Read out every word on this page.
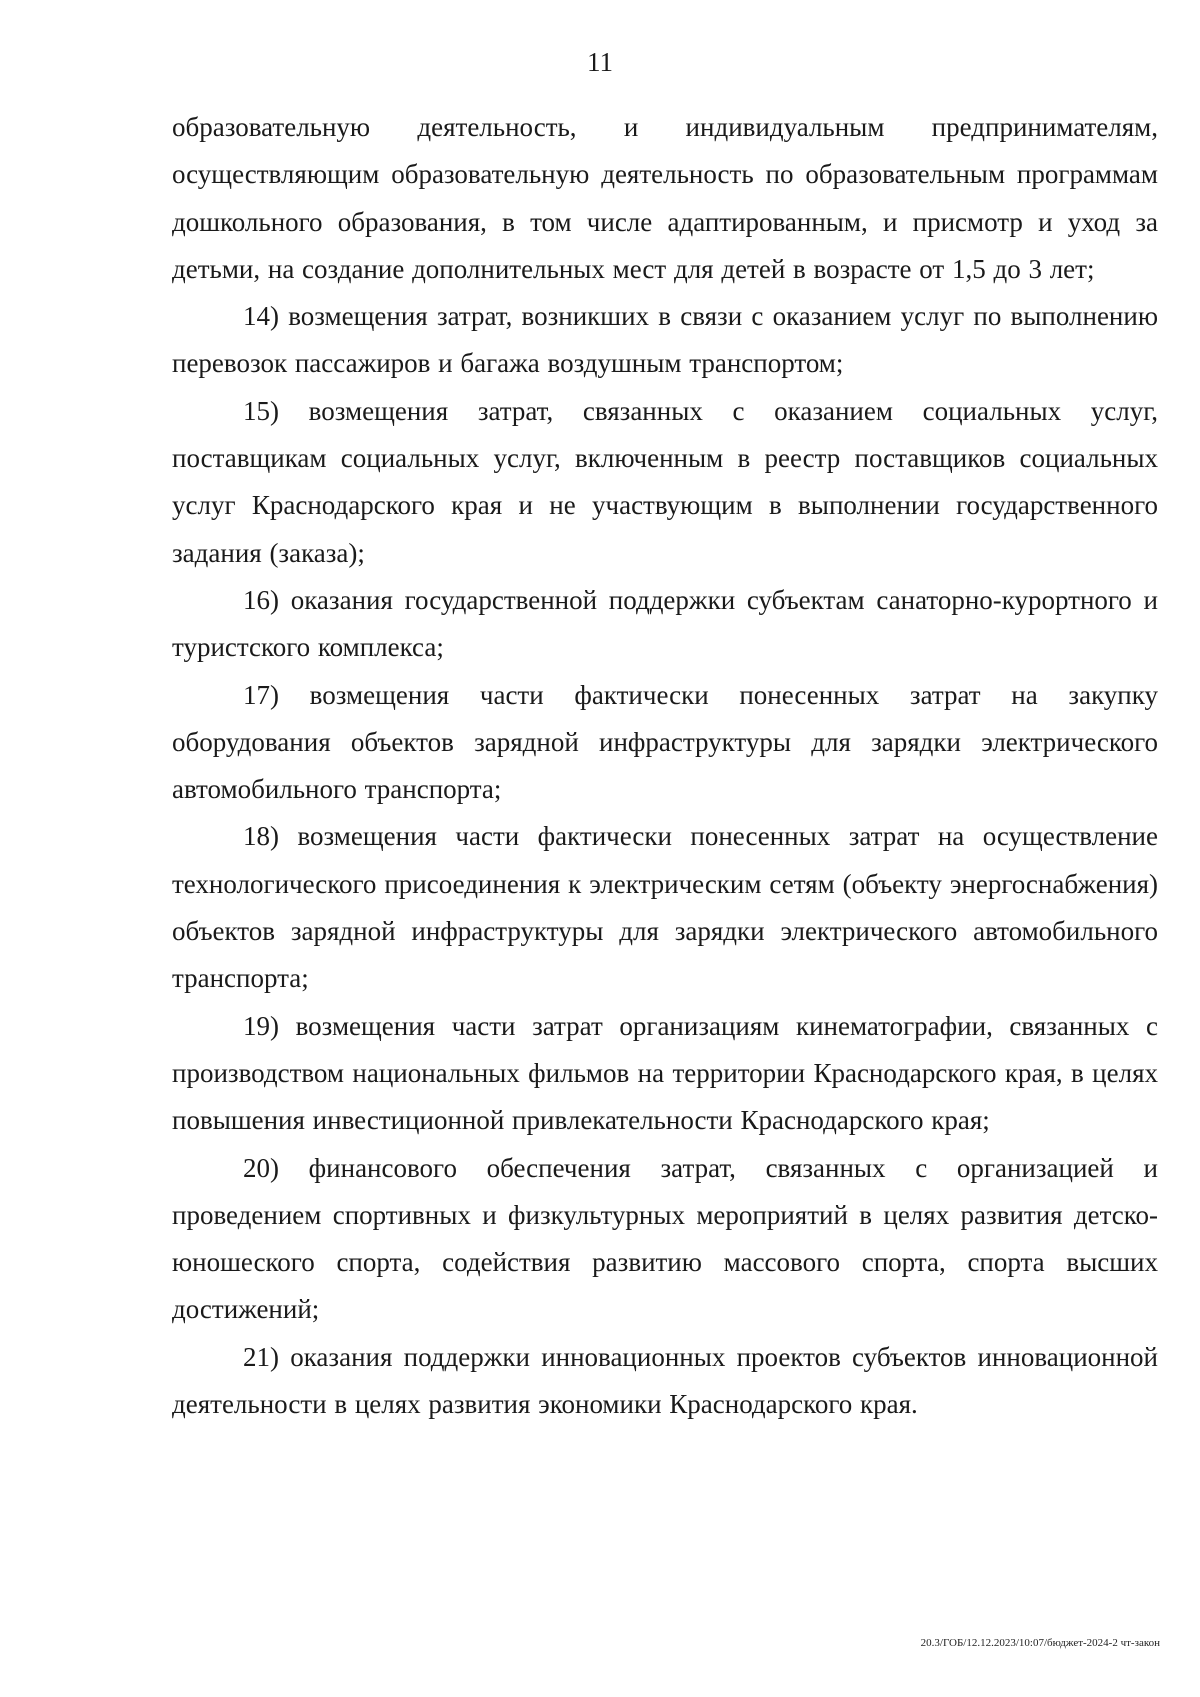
11

образовательную деятельность, и индивидуальным предпринимателям, осуществляющим образовательную деятельность по образовательным программам дошкольного образования, в том числе адаптированным, и присмотр и уход за детьми, на создание дополнительных мест для детей в возрасте от 1,5 до 3 лет;

14) возмещения затрат, возникших в связи с оказанием услуг по выполнению перевозок пассажиров и багажа воздушным транспортом;

15) возмещения затрат, связанных с оказанием социальных услуг, поставщикам социальных услуг, включенным в реестр поставщиков социальных услуг Краснодарского края и не участвующим в выполнении государственного задания (заказа);

16) оказания государственной поддержки субъектам санаторно-курортного и туристского комплекса;

17) возмещения части фактически понесенных затрат на закупку оборудования объектов зарядной инфраструктуры для зарядки электрического автомобильного транспорта;

18) возмещения части фактически понесенных затрат на осуществление технологического присоединения к электрическим сетям (объекту энергоснабжения) объектов зарядной инфраструктуры для зарядки электрического автомобильного транспорта;

19) возмещения части затрат организациям кинематографии, связанных с производством национальных фильмов на территории Краснодарского края, в целях повышения инвестиционной привлекательности Краснодарского края;

20) финансового обеспечения затрат, связанных с организацией и проведением спортивных и физкультурных мероприятий в целях развития детско-юношеского спорта, содействия развитию массового спорта, спорта высших достижений;

21) оказания поддержки инновационных проектов субъектов инновационной деятельности в целях развития экономики Краснодарского края.

20.3/ГОБ/12.12.2023/10:07/бюджет-2024-2 чт-закон
